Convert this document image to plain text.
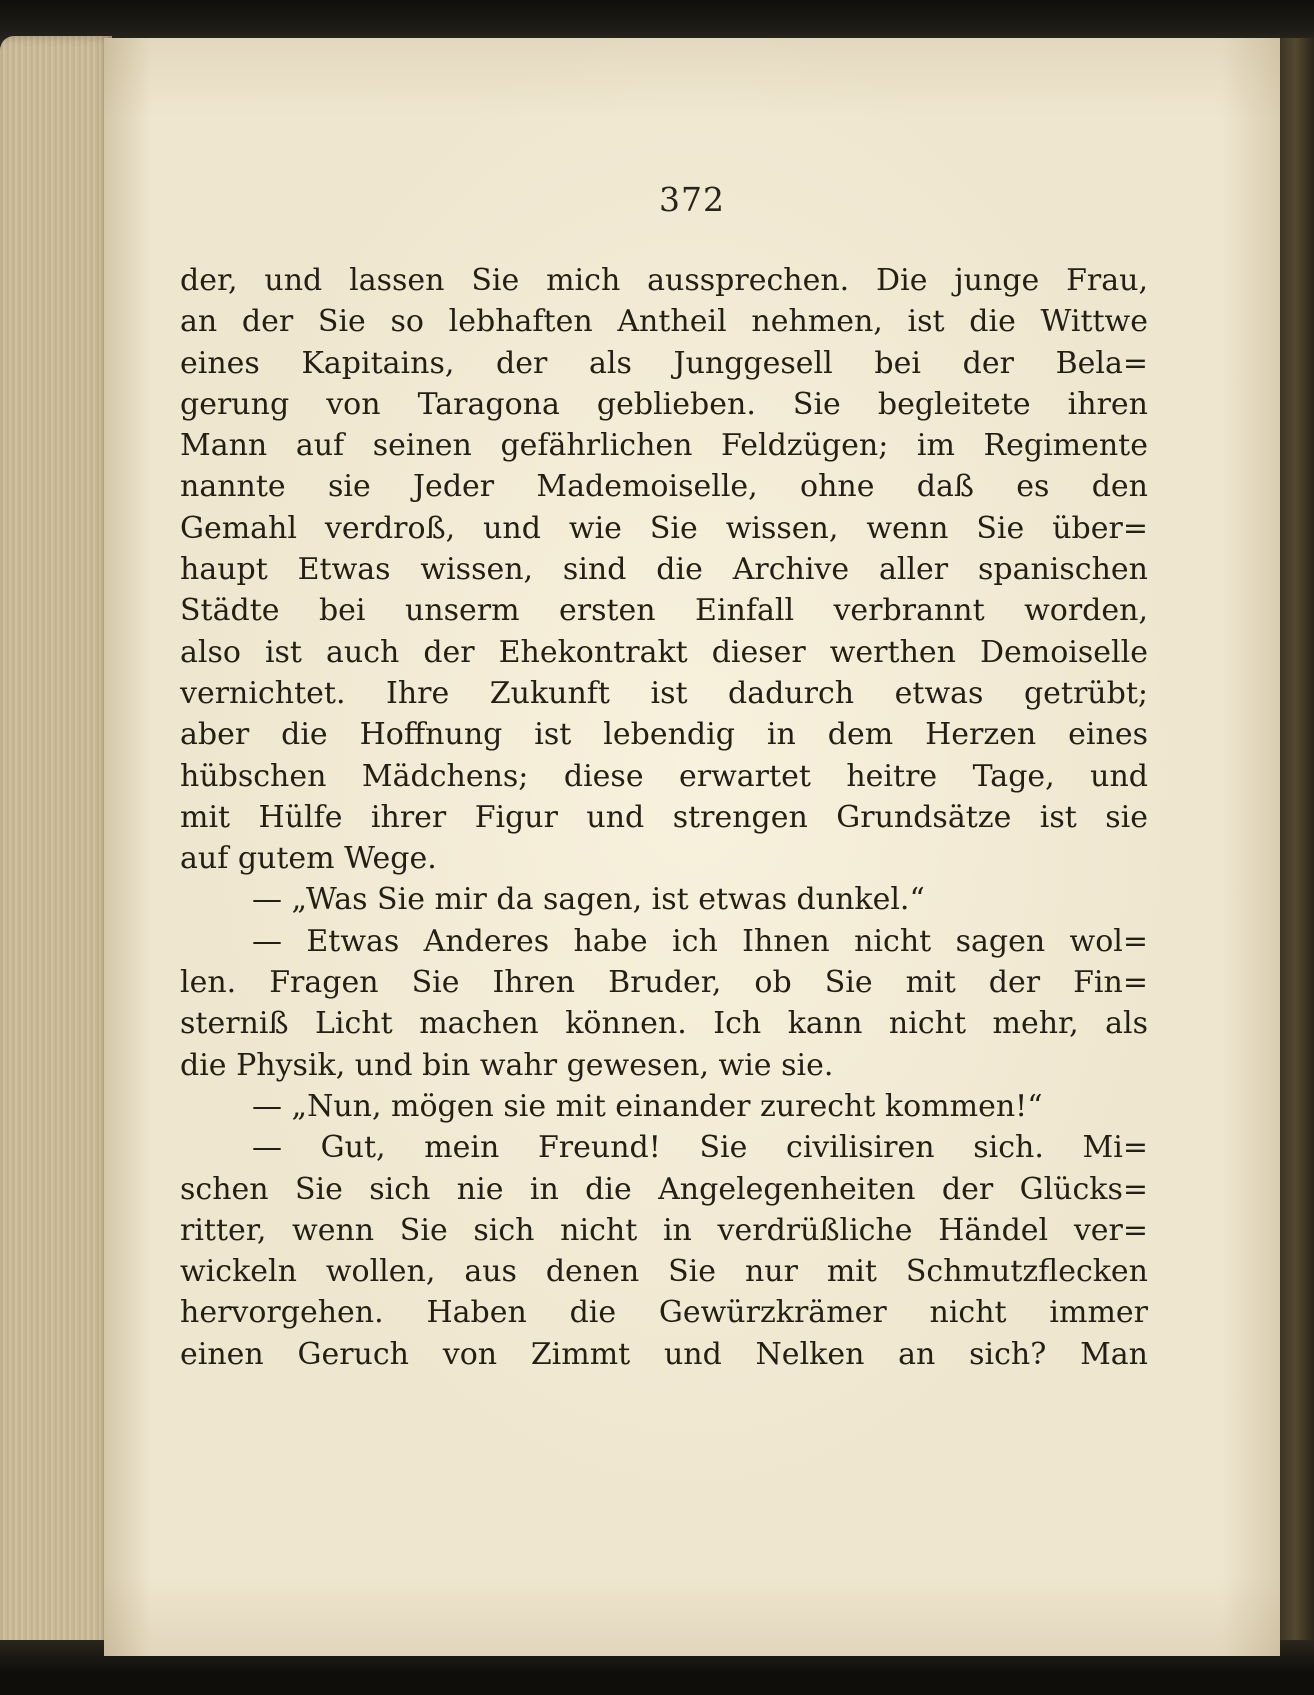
372
der, und lassen Sie mich aussprechen. Die junge Frau,
an der Sie so lebhaften Antheil nehmen, ist die Wittwe
eines Kapitains, der als Junggesell bei der Bela=
gerung von Taragona geblieben. Sie begleitete ihren
Mann auf seinen gefährlichen Feldzügen; im Regimente
nannte sie Jeder Mademoiselle, ohne daß es den
Gemahl verdroß, und wie Sie wissen, wenn Sie über=
haupt Etwas wissen, sind die Archive aller spanischen
Städte bei unserm ersten Einfall verbrannt worden,
also ist auch der Ehekontrakt dieser werthen Demoiselle
vernichtet. Ihre Zukunft ist dadurch etwas getrübt;
aber die Hoffnung ist lebendig in dem Herzen eines
hübschen Mädchens; diese erwartet heitre Tage, und
mit Hülfe ihrer Figur und strengen Grundsätze ist sie
auf gutem Wege.
— „Was Sie mir da sagen, ist etwas dunkel.“
— Etwas Anderes habe ich Ihnen nicht sagen wol=
len. Fragen Sie Ihren Bruder, ob Sie mit der Fin=
sterniß Licht machen können. Ich kann nicht mehr, als
die Physik, und bin wahr gewesen, wie sie.
— „Nun, mögen sie mit einander zurecht kommen!“
— Gut, mein Freund! Sie civilisiren sich. Mi=
schen Sie sich nie in die Angelegenheiten der Glücks=
ritter, wenn Sie sich nicht in verdrüßliche Händel ver=
wickeln wollen, aus denen Sie nur mit Schmutzflecken
hervorgehen. Haben die Gewürzkrämer nicht immer
einen Geruch von Zimmt und Nelken an sich? Man
